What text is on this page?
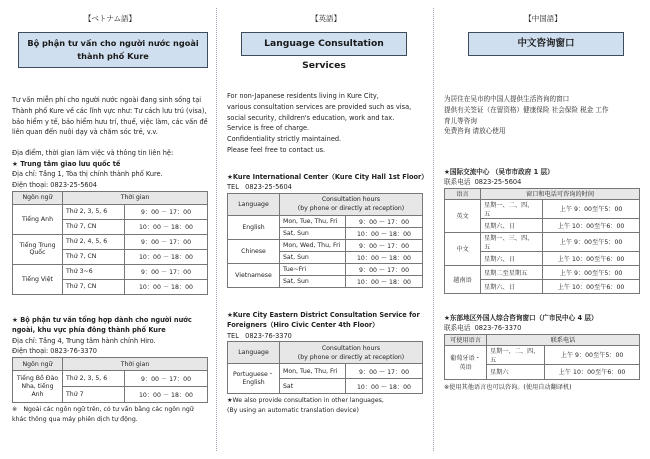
【ベトナム語】
Bộ phận tư vấn cho người nước ngoài thành phố Kure
Tư vấn miễn phí cho người nước ngoài đang sinh sống tại Thành phố Kure về các lĩnh vực như: Tư cách lưu trú (visa), bảo hiểm y tế, bảo hiểm hưu trí, thuế, việc làm, các vấn đề liên quan đến nuôi dạy và chăm sóc trẻ, v.v.
Địa điểm, thời gian làm việc và thông tin liên hệ:
★ Trung tâm giao lưu quốc tế
Địa chỉ: Tầng 1, Tòa thị chính thành phố Kure.
Điện thoại: 0823-25-5604
Ngôn ngữ	Thời gian	
Tiếng Anh	Thứ 2, 3, 5, 6	9：00 － 17：00
	Thứ 7, CN	10：00 － 18：00
Tiếng Trung Quốc	Thứ 2, 4, 5, 6	9：00 － 17：00
	Thứ 7, CN	10：00 － 18：00
Tiếng Việt	Thứ 3~6	9：00 － 17：00
	Thứ 7, CN	10：00 － 18：00
★ Bộ phận tư vấn tổng hợp dành cho người nước ngoài, khu vực phía đông thành phố Kure
Địa chỉ: Tầng 4, Trung tâm hành chính Hiro.
Điện thoại: 0823-76-3370
Ngôn ngữ	Thời gian	
Tiếng Bồ Đào Nha, tiếng Anh	Thứ 2, 3, 5, 6	9：00 － 17：00
	Thứ 7	10：00 － 18：00
※　Ngoài các ngôn ngữ trên, có tư vấn bằng các ngôn ngữ khác thông qua máy phiên dịch tự động.
【英語】
Language Consultation Services
For non-Japanese residents living in Kure City,
various consultation services are provided such as visa,
social security, children's education, work and tax.
Service is free of charge.
Confidentiality strictly maintained.
Please feel free to contact us.
★Kure International Center（Kure City Hall 1st Floor）
TEL 0823-25-5604
Language	Consultation hours
(by phone or directly at reception)	

English	Mon, Tue, Thu, Fri	9：00 ～ 17：00
	Sat, Sun	10：00 ～ 18：00
Chinese	Mon, Wed, Thu, Fri	9：00 ～ 17：00
	Sat, Sun	10：00 ～ 18：00
Vietnamese	Tue~Fri	9：00 ～ 17：00
	Sat, Sun	10：00 ～ 18：00
★Kure City Eastern District Consultation Service for Foreigners（Hiro Civic Center 4th Floor）
TEL 0823-76-3370
Language	Consultation hours
(by phone or directly at reception)	

Portuguese・English	Mon, Tue, Thu, Fri	9：00 ～ 17：00
	Sat	10：00 ～ 18：00
★We also provide consultation in other languages,
(By using an automatic translation device)
【中国語】
中文咨询窗口
为居住在吴市的中国人提供生活咨询的窗口
提供有关签证（在留资格）健康保险 社会保险 税金 工作
育儿等咨询
免费咨询 请放心使用
★国际交流中心 （吴市市政府 1 层）
联系电话 0823-25-5604
语言	窗口和电话可咨询的时间	
英文	星期一、二、四、五	上午 9：00至午5：00
	星期六、日	上午 10：00至午6：00
中文	星期一、三、四、五	上午 9：00至午5：00
	星期六、日	上午 10：00至午6：00
越南语	星期二至星期五	上午 9：00至午5：00
	星期六、日	上午 10：00至午6：00
★东部地区外国人综合咨询窗口（广市民中心 4 层）
联系电话 0823-76-3370
可使用语言	联系电话	
葡萄牙语・英语	星期一、二、四、五	上午 9：00至午5：00
	星期六	上午 10：00至午6：00
※使用其他语言也可以咨询。(使用自动翻译机)
